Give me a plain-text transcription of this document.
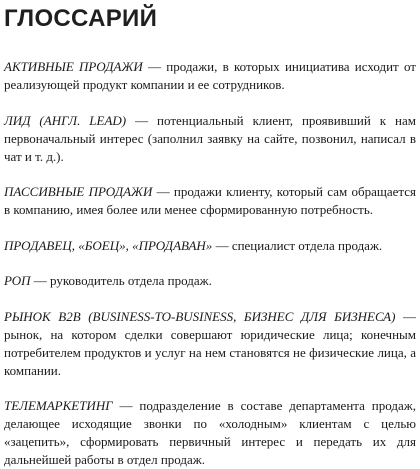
ГЛОССАРИЙ

АКТИВНЫЕ ПРОДАЖИ — продажи, в которых инициатива исходит от реализующей продукт компании и ее сотрудников.

ЛИД (АНГЛ. LEAD) — потенциальный клиент, проявивший к нам первоначальный интерес (заполнил заявку на сайте, позвонил, написал в чат и т. д.).

ПАССИВНЫЕ ПРОДАЖИ — продажи клиенту, который сам обращается в компанию, имея более или менее сформированную потребность.

ПРОДАВЕЦ, «БОЕЦ», «ПРОДАВАН» — специалист отдела продаж.

РОП — руководитель отдела продаж.

РЫНОК B2B (BUSINESS-TO-BUSINESS, БИЗНЕС ДЛЯ БИЗНЕСА) — рынок, на котором сделки совершают юридические лица; конечным потребителем продуктов и услуг на нем становятся не физические лица, а компании.

ТЕЛЕМАРКЕТИНГ — подразделение в составе департамента продаж, делающее исходящие звонки по «холодным» клиентам с целью «зацепить», сформировать первичный интерес и передать их для дальнейшей работы в отдел продаж.
